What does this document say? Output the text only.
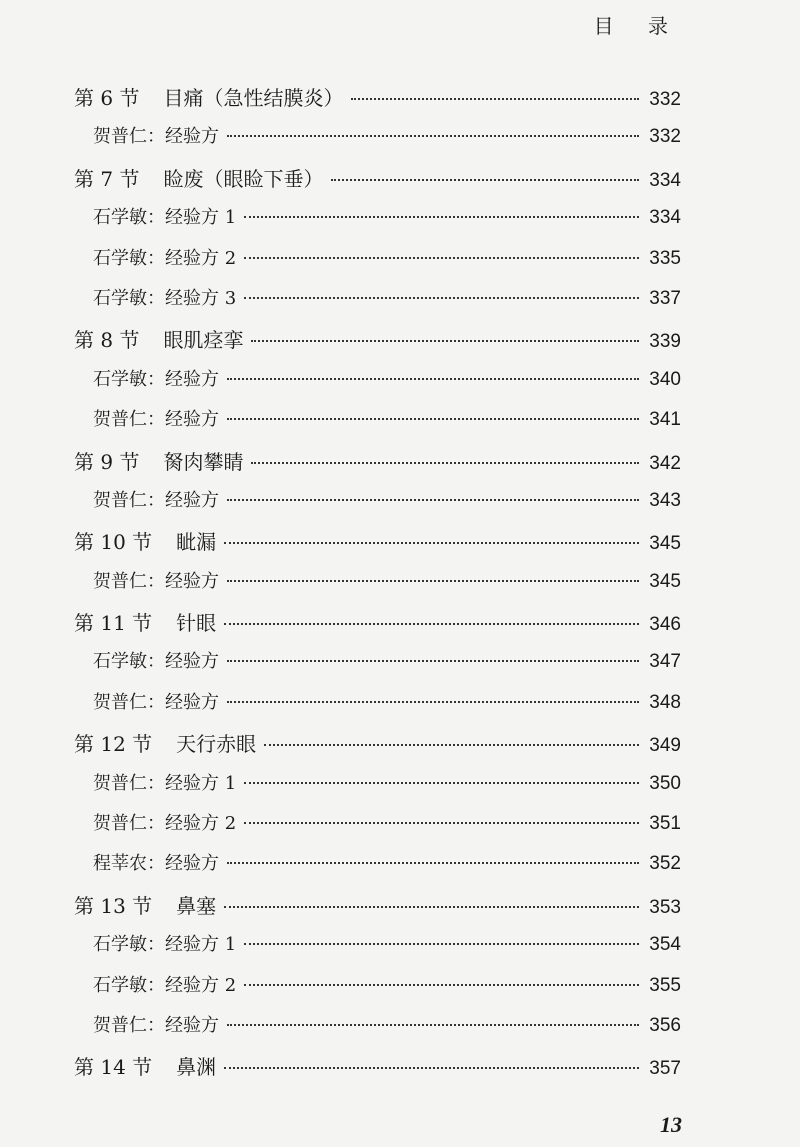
目 录
第 6 节 目痛（急性结膜炎）	332
贺普仁：经验方	332
第 7 节 睑废（眼睑下垂）	334
石学敏：经验方 1	334
石学敏：经验方 2	335
石学敏：经验方 3	337
第 8 节 眼肌痉挛	339
石学敏：经验方	340
贺普仁：经验方	341
第 9 节 胬肉攀睛	342
贺普仁：经验方	343
第 10 节 眦漏	345
贺普仁：经验方	345
第 11 节 针眼	346
石学敏：经验方	347
贺普仁：经验方	348
第 12 节 天行赤眼	349
贺普仁：经验方 1	350
贺普仁：经验方 2	351
程莘农：经验方	352
第 13 节 鼻塞	353
石学敏：经验方 1	354
石学敏：经验方 2	355
贺普仁：经验方	356
第 14 节 鼻渊	357
13
